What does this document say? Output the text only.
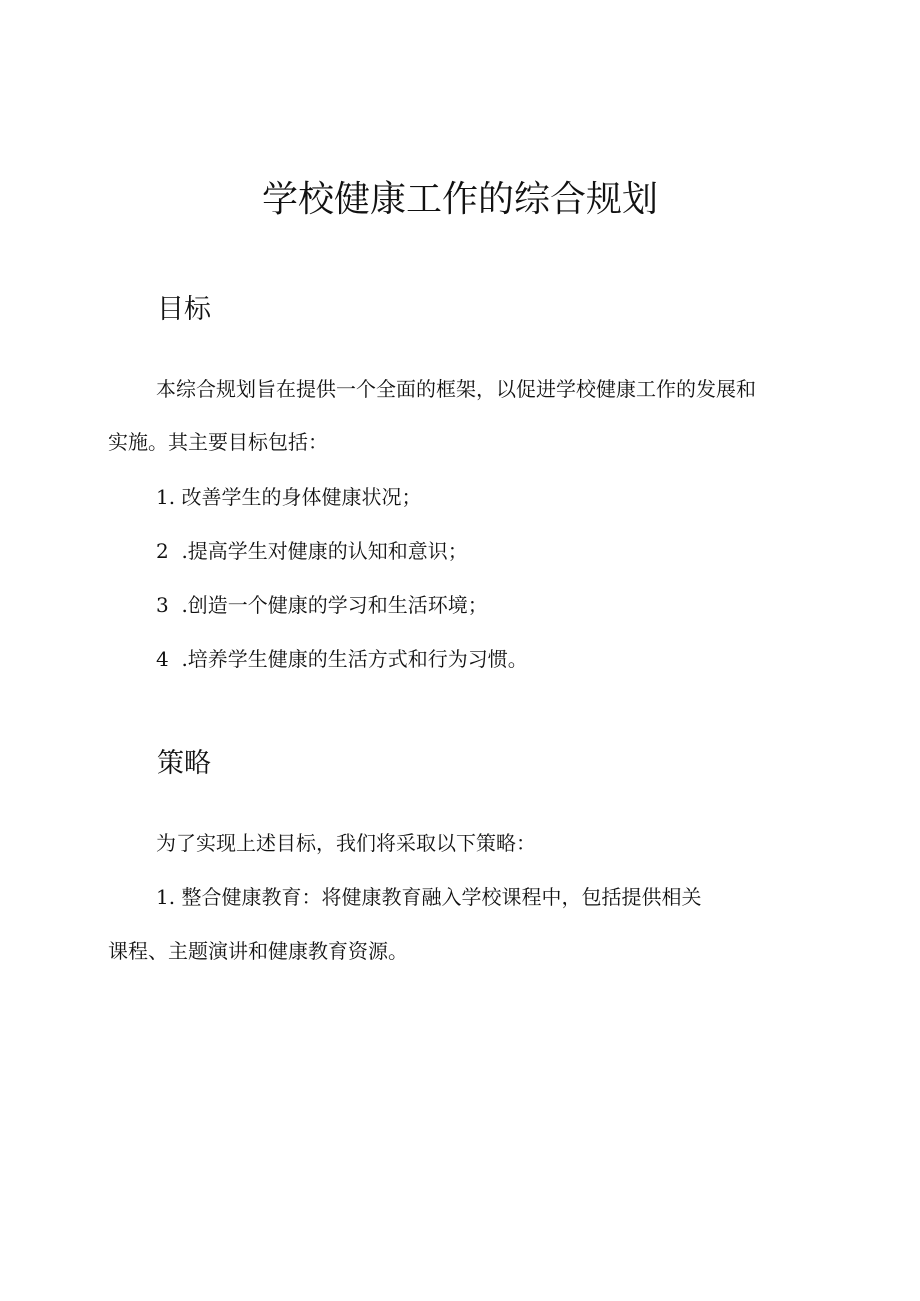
学校健康工作的综合规划
目标

本综合规划旨在提供一个全面的框架，以促进学校健康工作的发展和

实施。其主要目标包括：

1. 改善学生的身体健康状况；

2  .提高学生对健康的认知和意识；

3  .创造一个健康的学习和生活环境；

4  .培养学生健康的生活方式和行为习惯。

策略

为了实现上述目标，我们将采取以下策略：

1. 整合健康教育：将健康教育融入学校课程中，包括提供相关

课程、主题演讲和健康教育资源。
